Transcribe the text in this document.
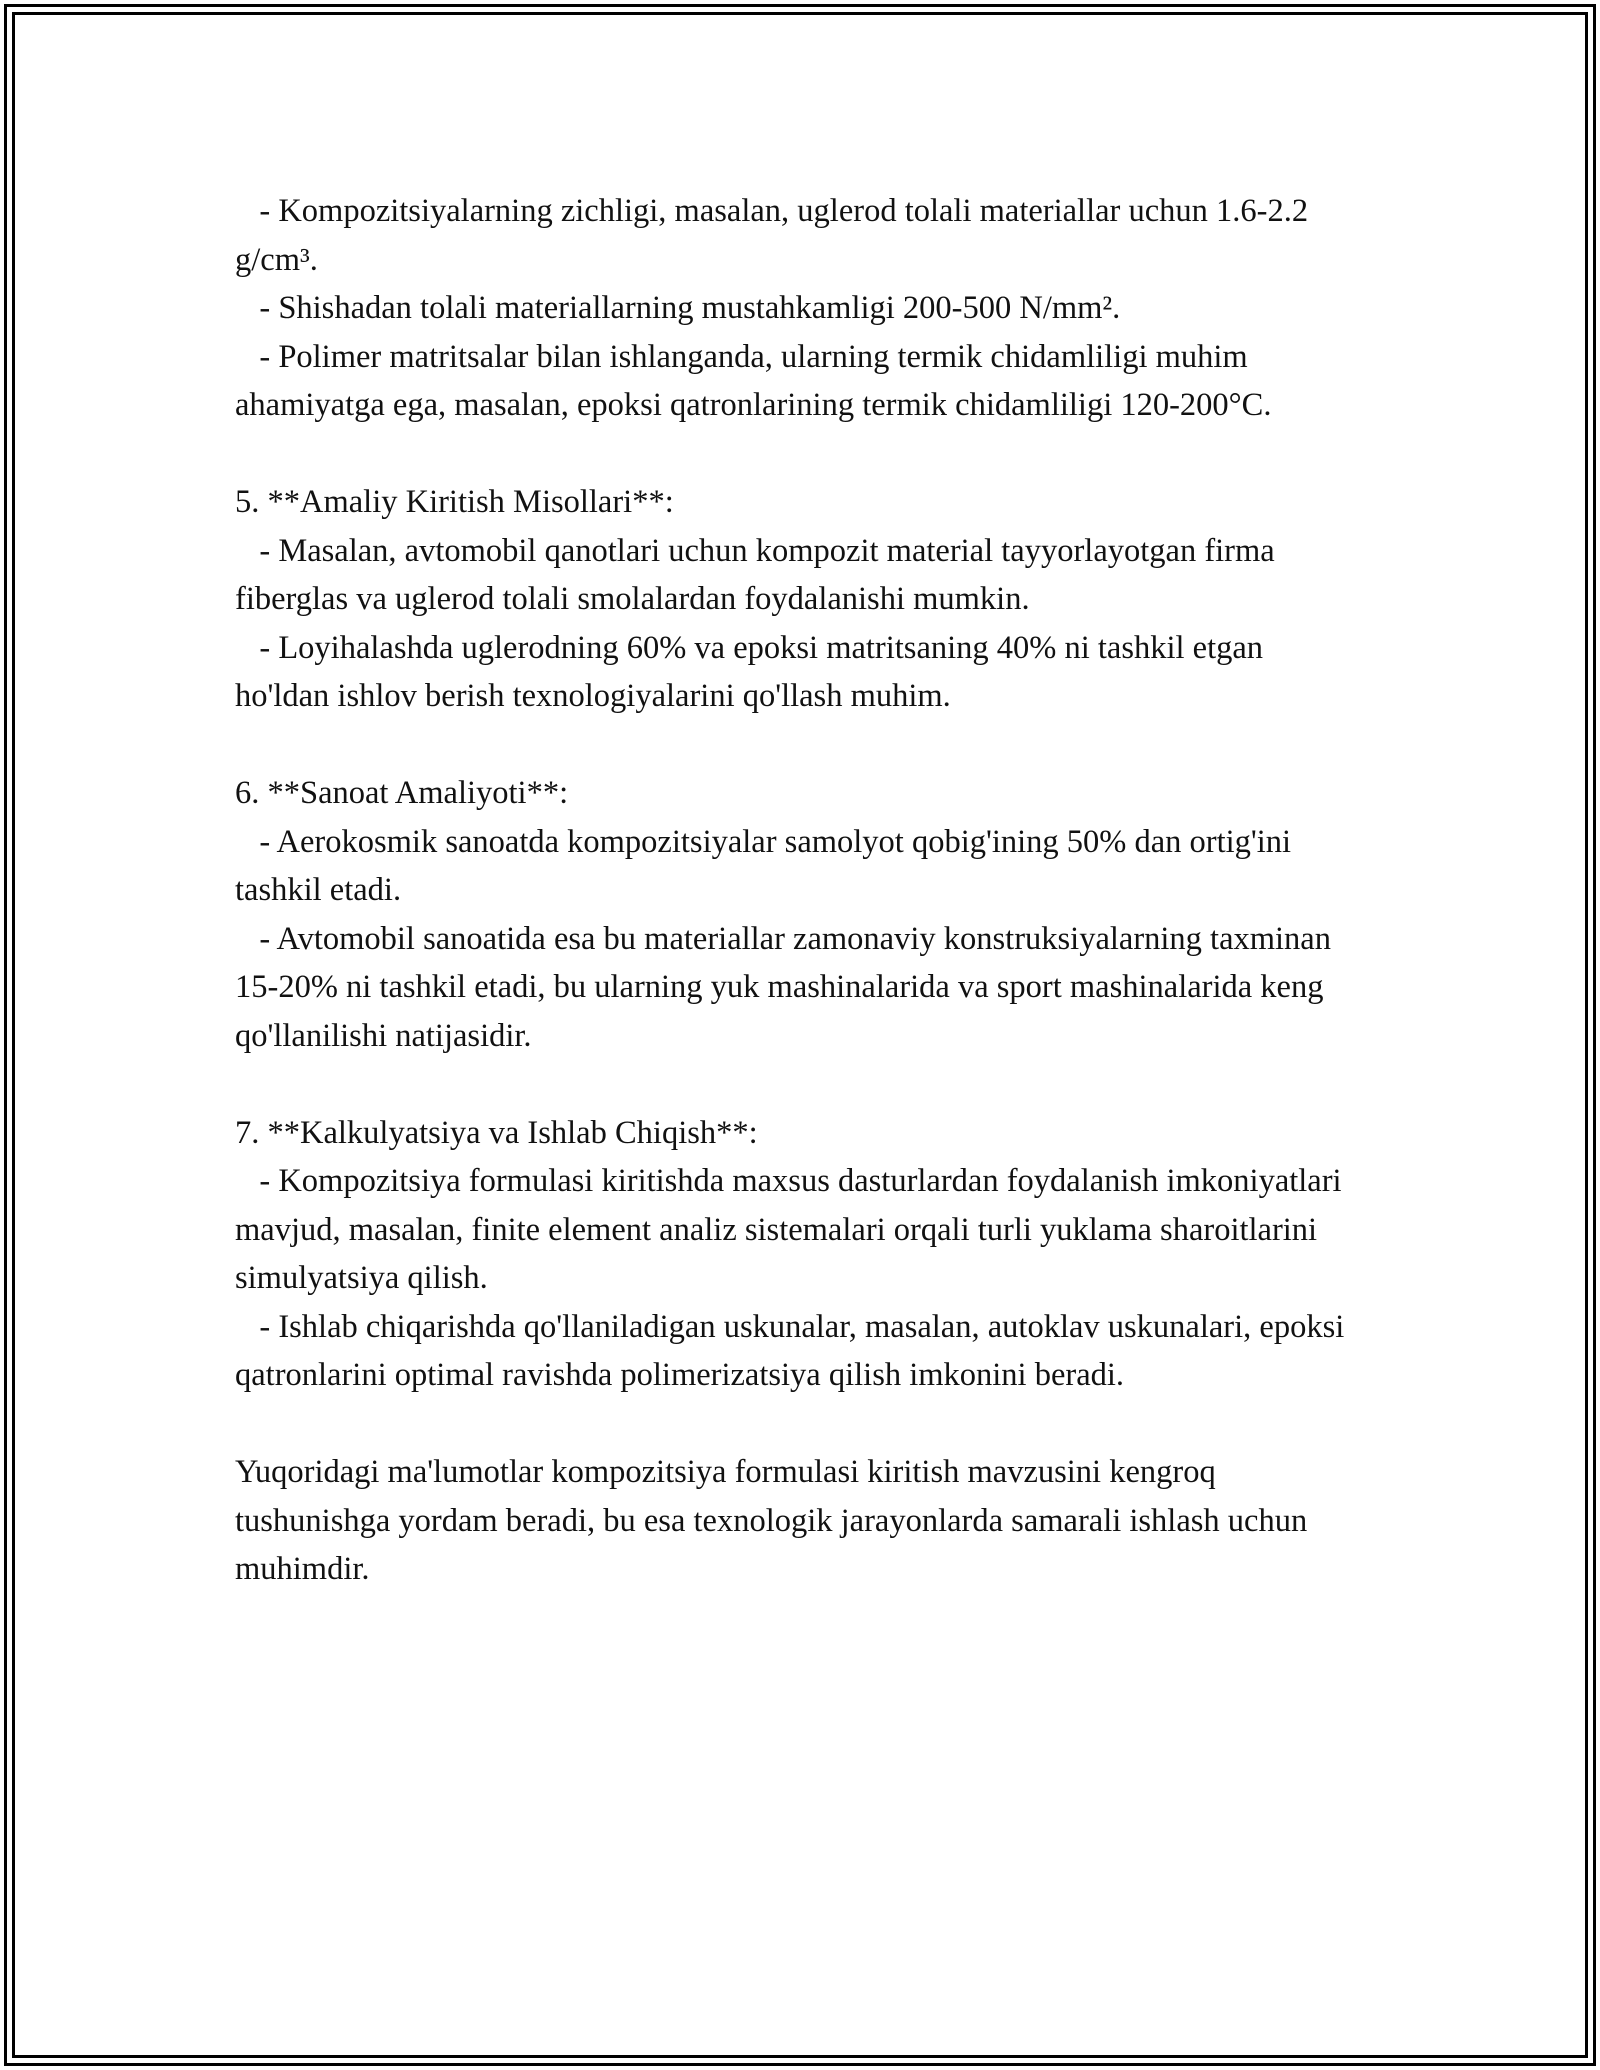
- Kompozitsiyalarning zichligi, masalan, uglerod tolali materiallar uchun 1.6-2.2 g/cm³.

- Shishadan tolali materiallarning mustahkamligi 200-500 N/mm².

- Polimer matritsalar bilan ishlanganda, ularning termik chidamliligi muhim ahamiyatga ega, masalan, epoksi qatronlarining termik chidamliligi 120-200°C.

5. **Amaliy Kiritish Misollari**:

- Masalan, avtomobil qanotlari uchun kompozit material tayyorlayotgan firma fiberglas va uglerod tolali smolalardan foydalanishi mumkin.

- Loyihalashda uglerodning 60% va epoksi matritsaning 40% ni tashkil etgan ho'ldan ishlov berish texnologiyalarini qo'llash muhim.

6. **Sanoat Amaliyoti**:

- Aerokosmik sanoatda kompozitsiyalar samolyot qobig'ining 50% dan ortig'ini tashkil etadi.

- Avtomobil sanoatida esa bu materiallar zamonaviy konstruksiyalarning taxminan 15-20% ni tashkil etadi, bu ularning yuk mashinalarida va sport mashinalarida keng qo'llanilishi natijasidir.

7. **Kalkulyatsiya va Ishlab Chiqish**:

- Kompozitsiya formulasi kiritishda maxsus dasturlardan foydalanish imkoniyatlari mavjud, masalan, finite element analiz sistemalari orqali turli yuklama sharoitlarini simulyatsiya qilish.

- Ishlab chiqarishda qo'llaniladigan uskunalar, masalan, autoklav uskunalari, epoksi qatronlarini optimal ravishda polimerizatsiya qilish imkonini beradi.

Yuqoridagi ma'lumotlar kompozitsiya formulasi kiritish mavzusini kengroq tushunishga yordam beradi, bu esa texnologik jarayonlarda samarali ishlash uchun muhimdir.
